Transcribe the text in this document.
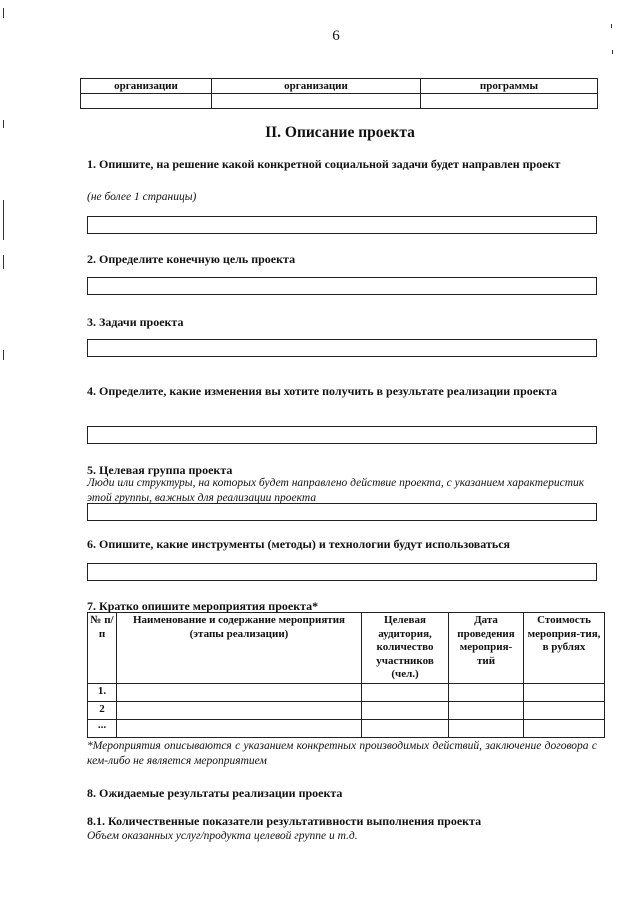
6
организации	организации	программы

II. Описание проекта
1. Опишите, на решение какой конкретной социальной задачи будет направлен проект
(не более 1 страницы)
2. Определите конечную цель проекта
3. Задачи проекта
4. Определите, какие изменения вы хотите получить в результате реализации проекта
5. Целевая группа проекта
Люди или структуры, на которых будет направлено действие проекта, с указанием характеристик этой группы, важных для реализации проекта
6. Опишите, какие инструменты (методы) и технологии будут использоваться
7. Кратко опишите мероприятия проекта*
№ п/п	Наименование и содержание мероприятия (этапы реализации)	Целевая аудитория, количество участников (чел.)	Дата проведения мероприя-тий	Стоимость мероприя-тия, в рублях
1.				
2				
...				
*Мероприятия описываются с указанием конкретных производимых действий, заключение договора с кем-либо не является мероприятием
8. Ожидаемые результаты реализации проекта
8.1. Количественные показатели результативности выполнения проекта
Объем оказанных услуг/продукта целевой группе и т.д.
